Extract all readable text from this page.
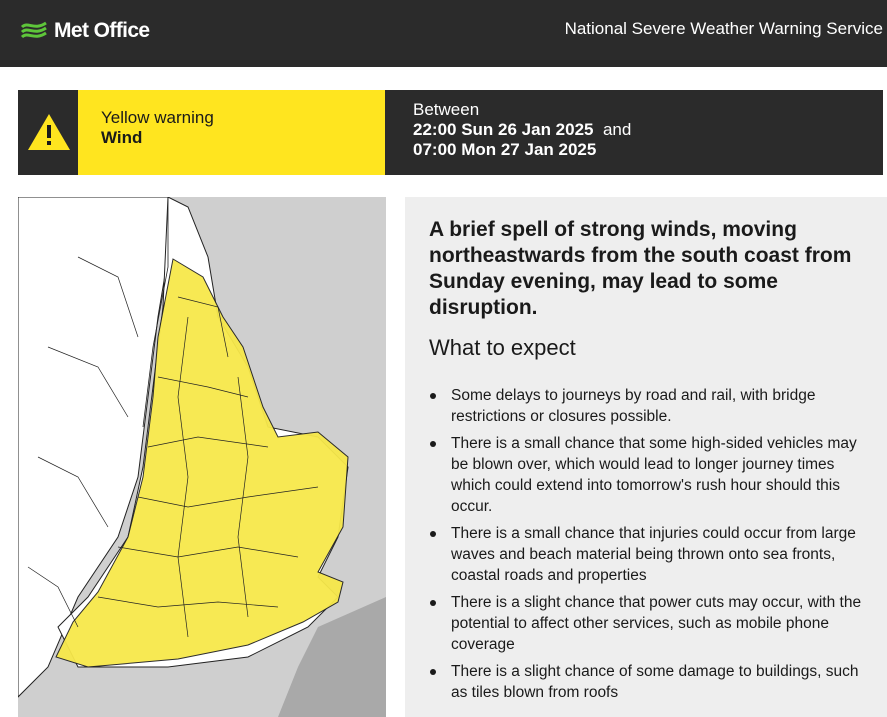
Met Office	National Severe Weather Warning Service
Yellow warning
Wind
Between
22:00 Sun 26 Jan 2025 and
07:00 Mon 27 Jan 2025
A brief spell of strong winds, moving northeastwards from the south coast from Sunday evening, may lead to some disruption.
What to expect
Some delays to journeys by road and rail, with bridge restrictions or closures possible.
There is a small chance that some high-sided vehicles may be blown over, which would lead to longer journey times which could extend into tomorrow's rush hour should this occur.
There is a small chance that injuries could occur from large waves and beach material being thrown onto sea fronts, coastal roads and properties
There is a slight chance that power cuts may occur, with the potential to affect other services, such as mobile phone coverage
There is a slight chance of some damage to buildings, such as tiles blown from roofs
